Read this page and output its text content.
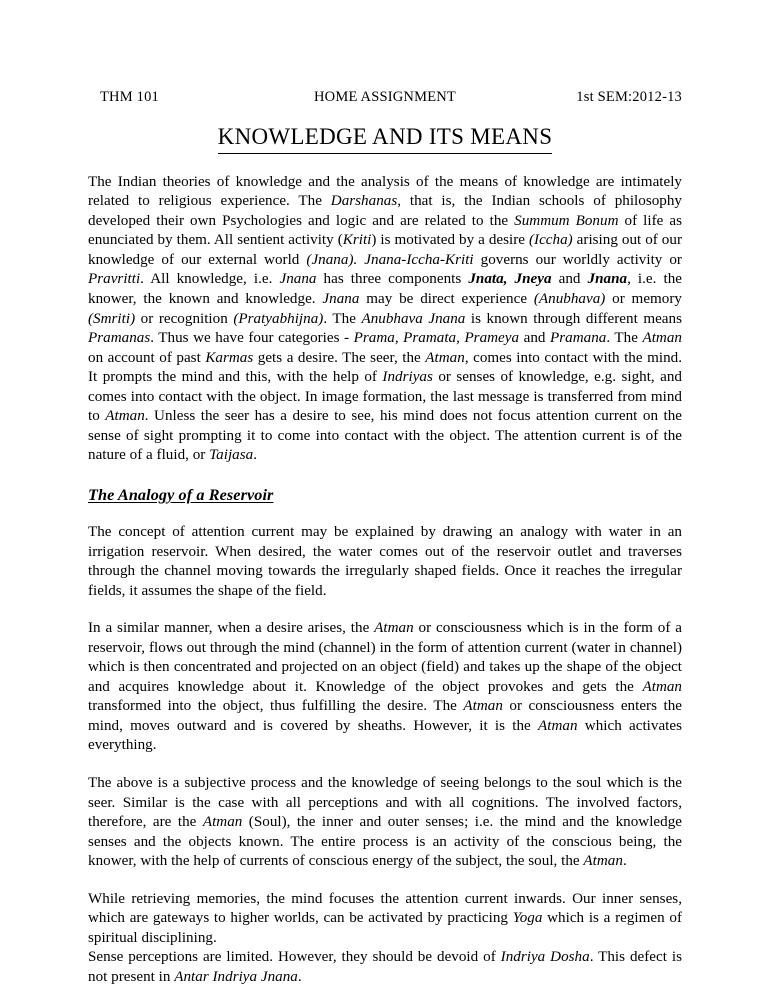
THM 101	HOME ASSIGNMENT	1st SEM:2012-13
KNOWLEDGE AND ITS MEANS

The Indian theories of knowledge and the analysis of the means of knowledge are intimately related to religious experience. The Darshanas, that is, the Indian schools of philosophy developed their own Psychologies and logic and are related to the Summum Bonum of life as enunciated by them. All sentient activity (Kriti) is motivated by a desire (Iccha) arising out of our knowledge of our external world (Jnana). Jnana-Iccha-Kriti governs our worldly activity or Pravritti. All knowledge, i.e. Jnana has three components Jnata, Jneya and Jnana, i.e. the knower, the known and knowledge. Jnana may be direct experience (Anubhava) or memory (Smriti) or recognition (Pratyabhijna). The Anubhava Jnana is known through different means Pramanas. Thus we have four categories - Prama, Pramata, Prameya and Pramana. The Atman on account of past Karmas gets a desire. The seer, the Atman, comes into contact with the mind. It prompts the mind and this, with the help of Indriyas or senses of knowledge, e.g. sight, and comes into contact with the object. In image formation, the last message is transferred from mind to Atman. Unless the seer has a desire to see, his mind does not focus attention current on the sense of sight prompting it to come into contact with the object. The attention current is of the nature of a fluid, or Taijasa.

The Analogy of a Reservoir

The concept of attention current may be explained by drawing an analogy with water in an irrigation reservoir. When desired, the water comes out of the reservoir outlet and traverses through the channel moving towards the irregularly shaped fields. Once it reaches the irregular fields, it assumes the shape of the field.

In a similar manner, when a desire arises, the Atman or consciousness which is in the form of a reservoir, flows out through the mind (channel) in the form of attention current (water in channel) which is then concentrated and projected on an object (field) and takes up the shape of the object and acquires knowledge about it. Knowledge of the object provokes and gets the Atman transformed into the object, thus fulfilling the desire. The Atman or consciousness enters the mind, moves outward and is covered by sheaths. However, it is the Atman which activates everything.

The above is a subjective process and the knowledge of seeing belongs to the soul which is the seer. Similar is the case with all perceptions and with all cognitions. The involved factors, therefore, are the Atman (Soul), the inner and outer senses; i.e. the mind and the knowledge senses and the objects known. The entire process is an activity of the conscious being, the knower, with the help of currents of conscious energy of the subject, the soul, the Atman.

While retrieving memories, the mind focuses the attention current inwards. Our inner senses, which are gateways to higher worlds, can be activated by practicing Yoga which is a regimen of spiritual disciplining.

Sense perceptions are limited. However, they should be devoid of Indriya Dosha. This defect is not present in Antar Indriya Jnana.
